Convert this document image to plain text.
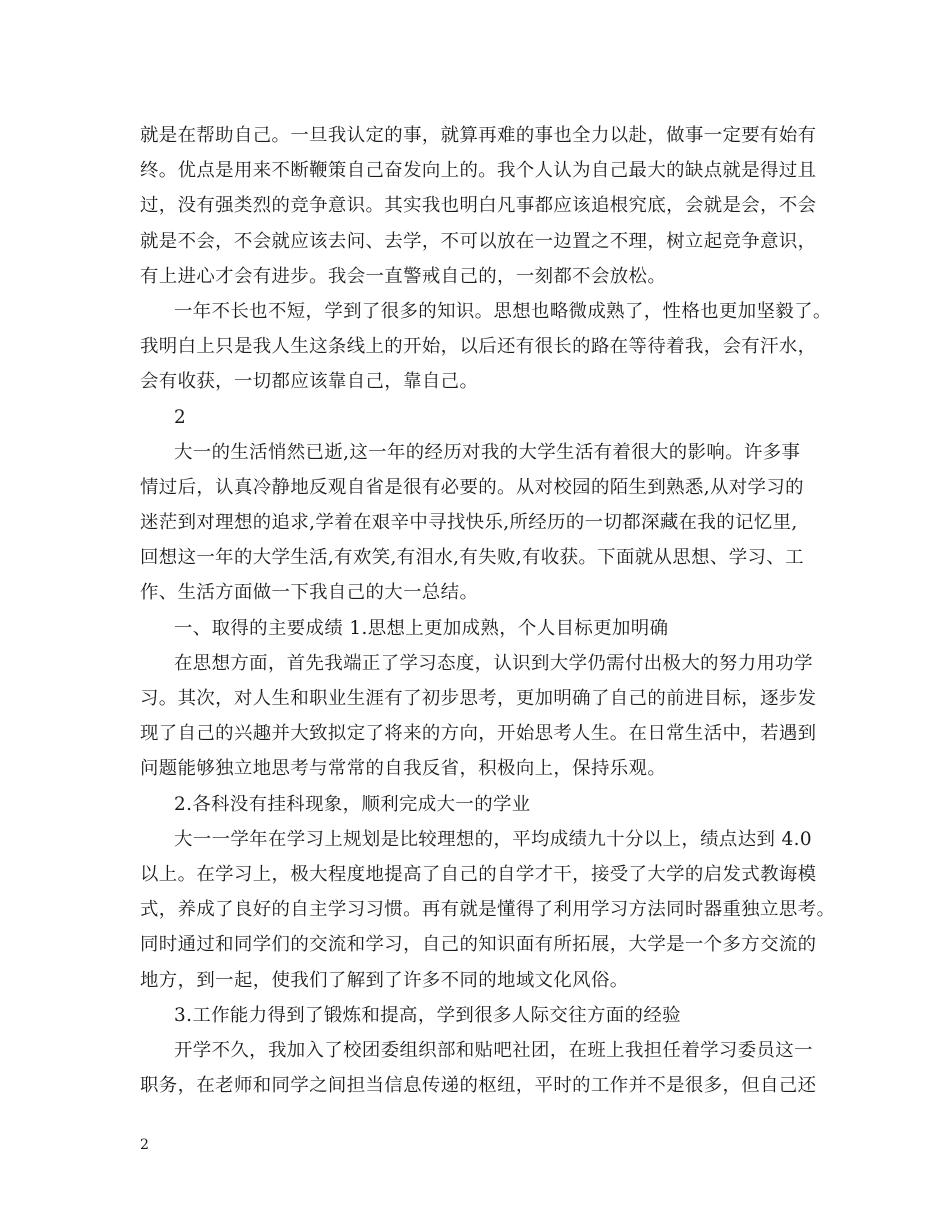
就是在帮助自己。一旦我认定的事，就算再难的事也全力以赴，做事一定要有始有
终。优点是用来不断鞭策自己奋发向上的。我个人认为自己最大的缺点就是得过且
过，没有强类烈的竞争意识。其实我也明白凡事都应该追根究底，会就是会，不会
就是不会，不会就应该去问、去学，不可以放在一边置之不理，树立起竞争意识，
有上进心才会有进步。我会一直警戒自己的，一刻都不会放松。
一年不长也不短，学到了很多的知识。思想也略微成熟了，性格也更加坚毅了。
我明白上只是我人生这条线上的开始，以后还有很长的路在等待着我，会有汗水，
会有收获，一切都应该靠自己，靠自己。
2
大一的生活悄然已逝,这一年的经历对我的大学生活有着很大的影响。许多事
情过后，认真冷静地反观自省是很有必要的。从对校园的陌生到熟悉,从对学习的
迷茫到对理想的追求,学着在艰辛中寻找快乐,所经历的一切都深藏在我的记忆里,
回想这一年的大学生活,有欢笑,有泪水,有失败,有收获。下面就从思想、学习、工
作、生活方面做一下我自己的大一总结。
一、取得的主要成绩 1.思想上更加成熟，个人目标更加明确
在思想方面，首先我端正了学习态度，认识到大学仍需付出极大的努力用功学
习。其次，对人生和职业生涯有了初步思考，更加明确了自己的前进目标，逐步发
现了自己的兴趣并大致拟定了将来的方向，开始思考人生。在日常生活中，若遇到
问题能够独立地思考与常常的自我反省，积极向上，保持乐观。
2.各科没有挂科现象，顺利完成大一的学业
大一一学年在学习上规划是比较理想的，平均成绩九十分以上，绩点达到 4.0
以上。在学习上，极大程度地提高了自己的自学才干，接受了大学的启发式教诲模
式，养成了良好的自主学习习惯。再有就是懂得了利用学习方法同时器重独立思考。
同时通过和同学们的交流和学习，自己的知识面有所拓展，大学是一个多方交流的
地方，到一起，使我们了解到了许多不同的地域文化风俗。
3.工作能力得到了锻炼和提高，学到很多人际交往方面的经验
开学不久，我加入了校团委组织部和贴吧社团，在班上我担任着学习委员这一
职务，在老师和同学之间担当信息传递的枢纽，平时的工作并不是很多，但自己还
2
